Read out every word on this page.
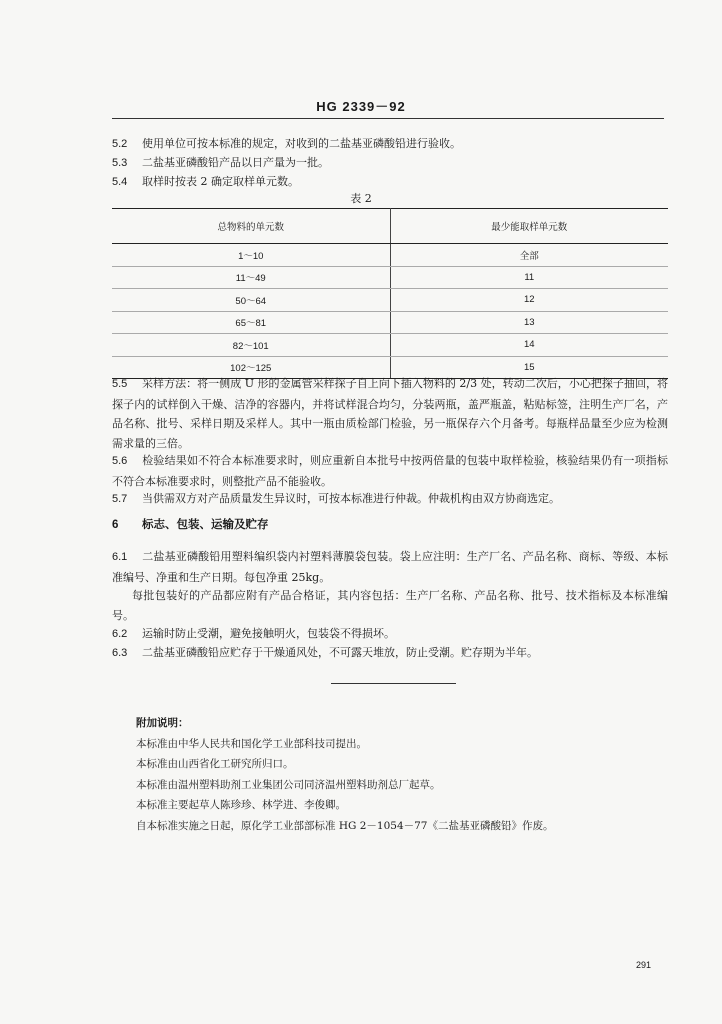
HG 2339－92
5.2 使用单位可按本标准的规定，对收到的二盐基亚磷酸铅进行验收。
5.3 二盐基亚磷酸铅产品以日产量为一批。
5.4 取样时按表 2 确定取样单元数。
表 2
总物料的单元数	最少能取样单元数
1～10	全部
11～49	11
50～64	12
65～81	13
82～101	14
102～125	15
5.5 采样方法：将一侧成 U 形的金属管采样探子自上向下插入物料的 2/3 处，转动二次后，小心把探子抽回，将探子内的试样倒入干燥、洁净的容器内，并将试样混合均匀，分装两瓶，盖严瓶盖，粘贴标签，注明生产厂名，产品名称、批号、采样日期及采样人。其中一瓶由质检部门检验，另一瓶保存六个月备考。每瓶样品量至少应为检测需求量的三倍。
5.6 检验结果如不符合本标准要求时，则应重新自本批号中按两倍量的包装中取样检验，核验结果仍有一项指标不符合本标准要求时，则整批产品不能验收。
5.7 当供需双方对产品质量发生异议时，可按本标准进行仲裁。仲裁机构由双方协商选定。
6 标志、包装、运输及贮存
6.1 二盐基亚磷酸铅用塑料编织袋内衬塑料薄膜袋包装。袋上应注明：生产厂名、产品名称、商标、等级、本标准编号、净重和生产日期。每包净重 25kg。
每批包装好的产品都应附有产品合格证，其内容包括：生产厂名称、产品名称、批号、技术指标及本标准编号。
6.2 运输时防止受潮，避免接触明火，包装袋不得损坏。
6.3 二盐基亚磷酸铅应贮存于干燥通风处，不可露天堆放，防止受潮。贮存期为半年。
附加说明：
本标准由中华人民共和国化学工业部科技司提出。
本标准由山西省化工研究所归口。
本标准由温州塑料助剂工业集团公司同济温州塑料助剂总厂起草。
本标准主要起草人陈珍珍、林学进、李俊卿。
自本标准实施之日起，原化学工业部部标准 HG 2－1054－77《二盐基亚磷酸铅》作废。
291
